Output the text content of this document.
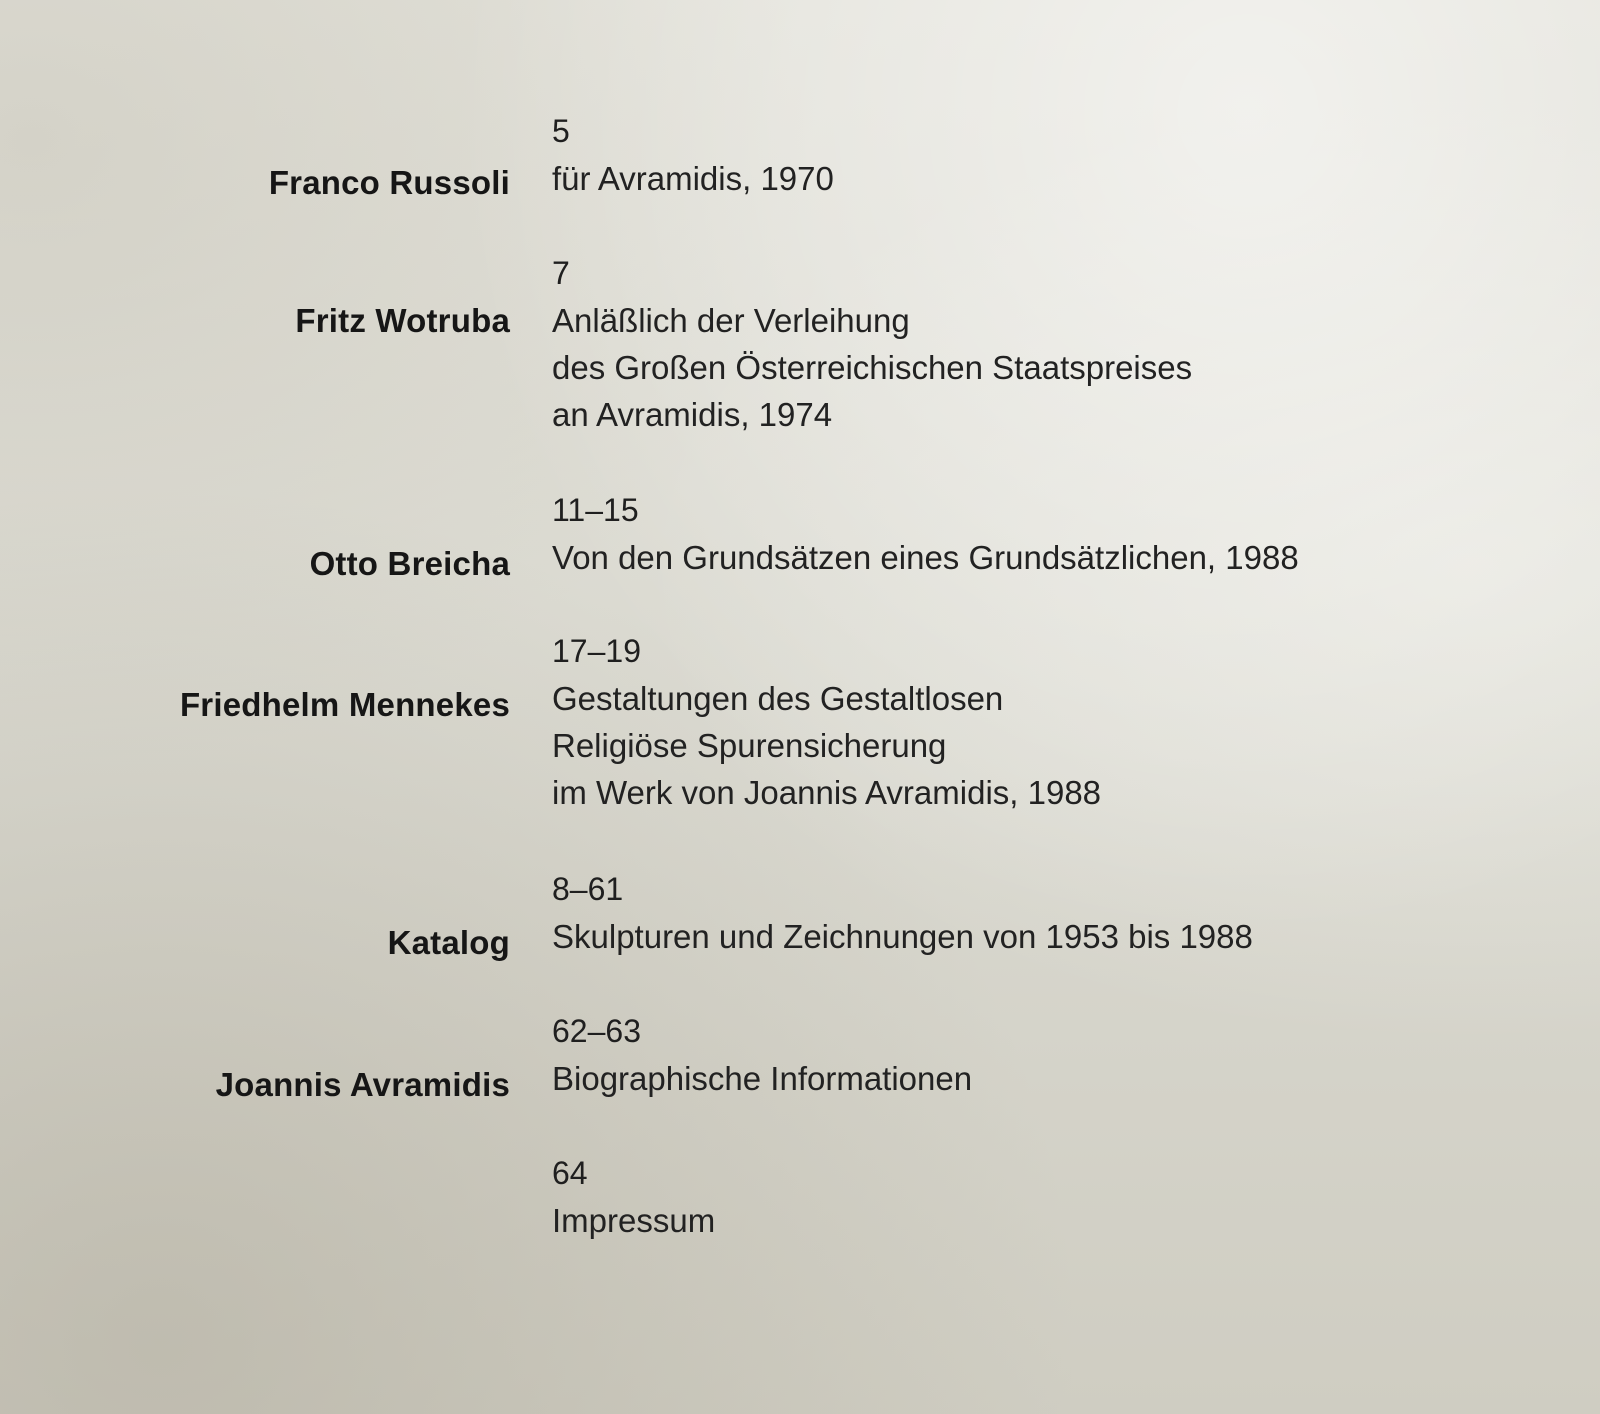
Franco Russoli
5
für Avramidis, 1970
Fritz Wotruba
7
Anläßlich der Verleihung
des Großen Österreichischen Staatspreises
an Avramidis, 1974
Otto Breicha
11–15
Von den Grundsätzen eines Grundsätzlichen, 1988
Friedhelm Mennekes
17–19
Gestaltungen des Gestaltlosen
Religiöse Spurensicherung
im Werk von Joannis Avramidis, 1988
Katalog
8–61
Skulpturen und Zeichnungen von 1953 bis 1988
Joannis Avramidis
62–63
Biographische Informationen
64
Impressum
